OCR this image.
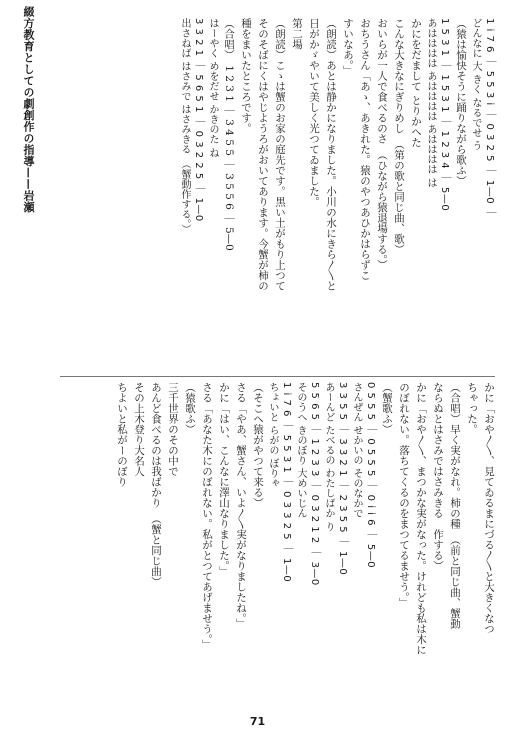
綴方教育としての劇創作の指導——岩瀬	1 i 7 6 ｜ 5 5 3 i ｜ 0 3 2 5 ｜ 1—0 ｜
どんなに 大 きく なるでせ う
（猿は愉快そうに踊りながら歌ふ）
1 5 3 1 ｜ 1 5 3 1 ｜ 1 2 3 4 ｜ 5—0
あはははは あはははは あはははは は
かにをだまして とりかへた
こんな大きなにぎりめし　（第の歌と同じ曲、歌）
おいらが一人で食べるのさ　（ひながら猿退場する。）
おちうさん「あゝ、あきれた。猿のやつあひかはらずこ
すいなあ。」
（朗読）あとは静かになりました。小川の水にきら〳〵と
日がかゞやいて美しく光つてゐました。
第二場
（朗読）こゝは蟹のお家の庭先です。黒い土がもり上つて
そのそばにくはやじようろがおいてあります。今蟹が柿の
種をまいたところです。
（合唱）　1 2 3 1 ｜ 3 4 5 5 ｜ 3 5 5 6 ｜ 5—0
はーやく めをだせ かきのた ね
3 3 2 1 ｜ 5 6 5 1 ｜ 0 3 2 2 5 ｜ 1—0
出さねば はさみで はさみきる　（蟹動作する。）
かに「おや〳〵、見てゐるまにづる〳〵と大きくなつ
ちゃった。
（合唱）早く実がなれ。柿の種　（前と同じ曲、蟹動
ならぬとはさみではさみきる　作する）
かに「おや〳〵、まつかな実がなった。けれども私は木に
のぼれない。落ちてくるのをまつてるませう。」
（蟹歌ふ）
0 5 5 5 ｜ 0 5 5 5 ｜ 0 i i 6 ｜ 5—0
さんぜん せかいの そのなかで
3 3 5 5 ｜ 3 3 2 1 ｜ 2 3 5 5 ｜ 1—0
あーんど たべるの わたしばか り
5 5 6 5 ｜ 1 2 3 3 ｜ 0 3 2 1 2 ｜ 3—0
そのうへ きのぼり 大めいじん
1 i 7 6 ｜ 5 5 3 1 ｜ 0 3 3 2 5 ｜ 1—0
ちょいと らがの ぼりゃ
（そこへ猿がやつて来る）
さる「やあ、蟹さん、いよ〳〵実がなりましたね。」
かに「はい、こんなに澤山なりました。」
さる「あなた木にのぼれない。私がとつてあげませう。」
（猿歌ふ）
三千世界のその中で
あんど食べるのは我ばかり　（蟹と同じ曲）
その上木登り大名人
ちよいと私がーのぼり
71
